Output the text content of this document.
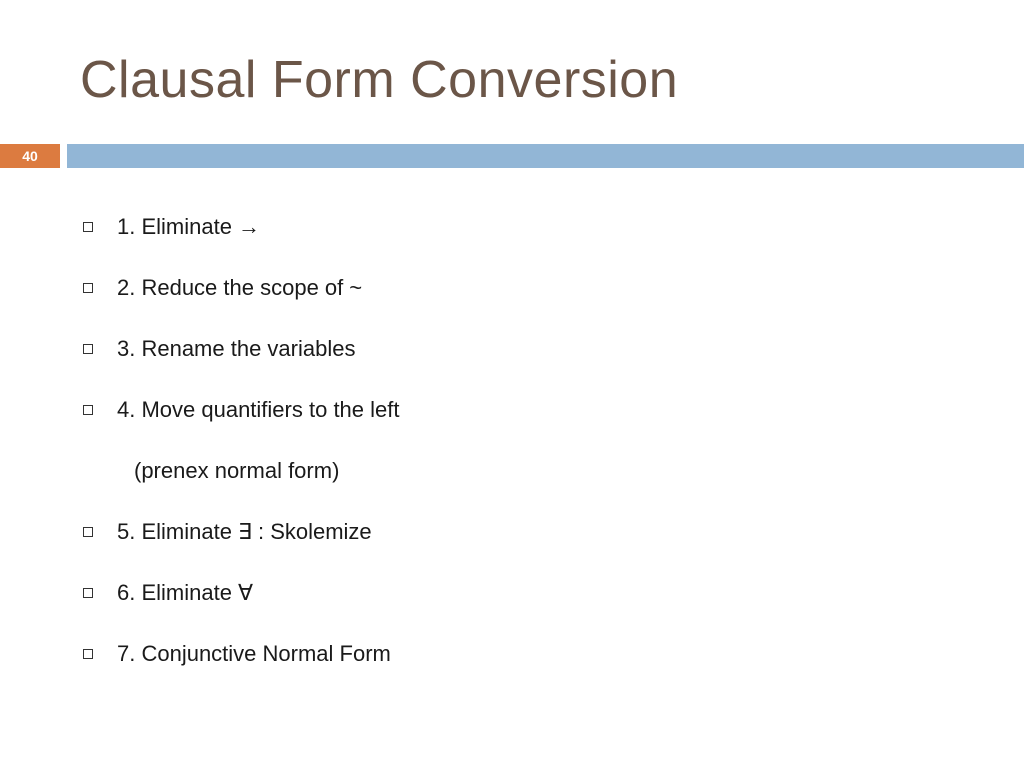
Clausal Form Conversion
40
1. Eliminate →
2. Reduce the scope of ~
3. Rename the variables
4. Move quantifiers to the left
(prenex normal form)
5. Eliminate ∃ : Skolemize
6. Eliminate ∀
7. Conjunctive Normal Form
